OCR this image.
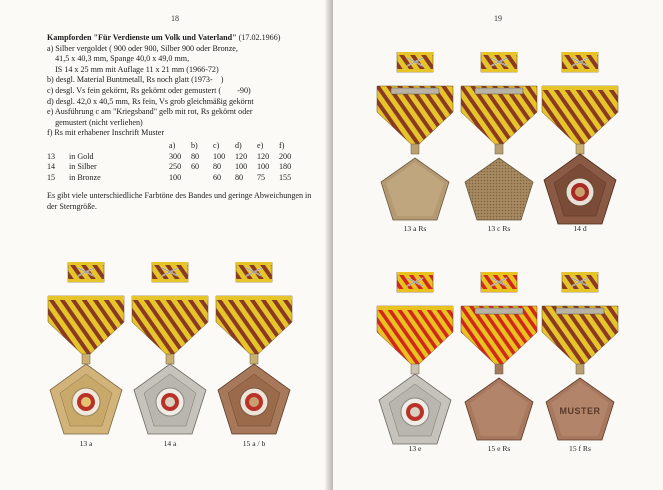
18
Kampforden "Für Verdienste um Volk und Vaterland" (17.02.1966)
a) Silber vergoldet ( 900 oder 900, Silber 900 oder Bronze,
41,5 x 40,3 mm, Spange 40,0 x 49,0 mm,
IS 14 x 25 mm mit Auflage 11 x 21 mm (1966-72)
b) desgl. Material Buntmetall, Rs noch glatt (1973-    )
c) desgl. Vs fein gekörnt, Rs gekörnt oder gemustert (        -90)
d) desgl. 42,0 x 40,5 mm, Rs fein, Vs grob gleichmäßig gekörnt
e) Ausführung c am "Kriegsband" gelb mit rot, Rs gekörnt oder
gemustert (nicht verliehen)
f) Rs mit erhabener Inschrift Muster
		a)	b)	c)	d)	e)	f)
13	in Gold	300	80	100	120	120	200
14	in Silber	250	60	80	100	100	180
15	in Bronze	100		60	80	75	155
Es gibt viele unterschiedliche Farbtöne des Bandes und geringe Abweichungen in der Sterngröße.
13 a	14 a	15 a / b
19
13 a Rs	13 c Rs	14 d
13 e	15 e Rs
MUSTER
15 f Rs
